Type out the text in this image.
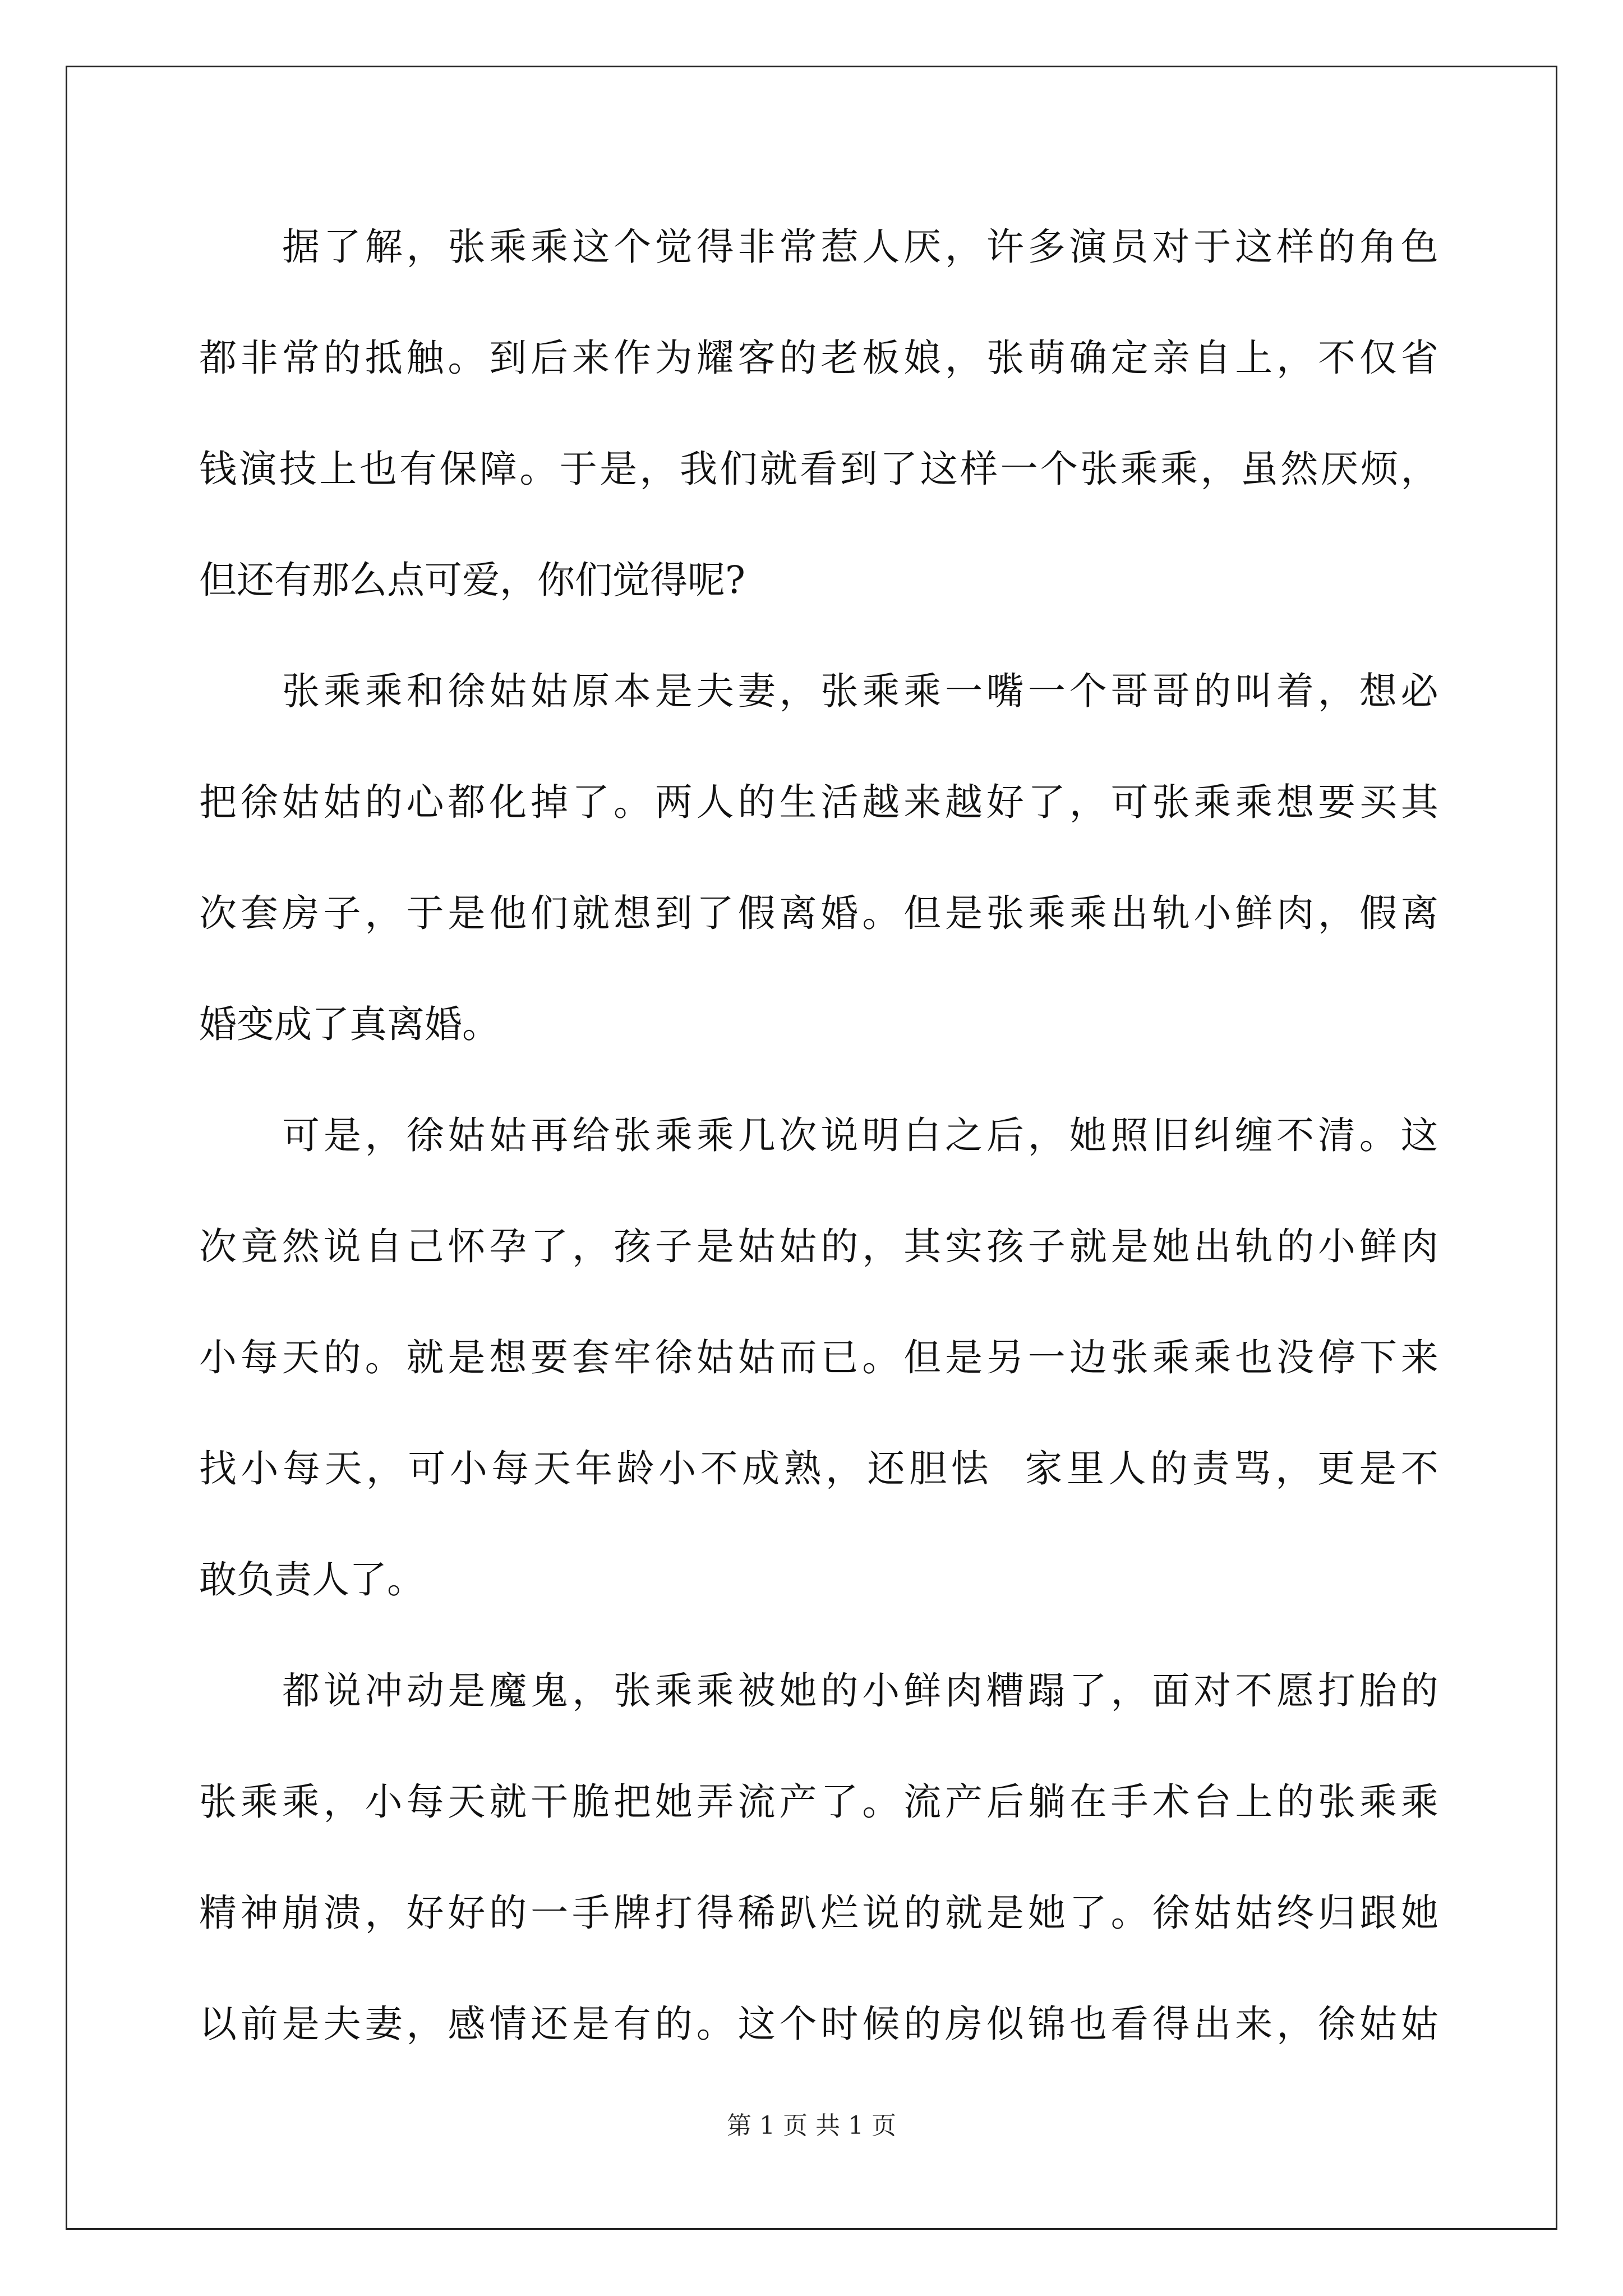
据 了 解 ， 张 乘 乘 这 个 觉 得 非 常 惹 人 厌 ， 许 多 演 员 对 于 这 样 的 角 色
都 非 常 的 抵 触 。 到 后 来 作 为 耀 客 的 老 板 娘 ， 张 萌 确 定 亲 自 上 ， 不 仅 省
钱 演 技 上 也 有 保 障 。 于 是 ， 我 们 就 看 到 了 这 样 一 个 张 乘 乘 ， 虽 然 厌 烦 ，
但还有那么点可爱，你们觉得呢?
张 乘 乘 和 徐 姑 姑 原 本 是 夫 妻 ， 张 乘 乘 一 嘴 一 个 哥 哥 的 叫 着 ， 想 必
把 徐 姑 姑 的 心 都 化 掉 了 。 两 人 的 生 活 越 来 越 好 了 ， 可 张 乘 乘 想 要 买 其
次 套 房 子 ， 于 是 他 们 就 想 到 了 假 离 婚 。 但 是 张 乘 乘 出 轨 小 鲜 肉 ， 假 离
婚变成了真离婚。
可 是 ， 徐 姑 姑 再 给 张 乘 乘 几 次 说 明 白 之 后 ， 她 照 旧 纠 缠 不 清 。 这
次 竟 然 说 自 己 怀 孕 了 ， 孩 子 是 姑 姑 的 ， 其 实 孩 子 就 是 她 出 轨 的 小 鲜 肉
小 每 天 的 。 就 是 想 要 套 牢 徐 姑 姑 而 已 。 但 是 另 一 边 张 乘 乘 也 没 停 下 来
找 小 每 天 ， 可 小 每 天 年 龄 小 不 成 熟 ， 还 胆 怯

家 里 人 的 责 骂 ， 更 是 不
敢负责人了。
都 说 冲 动 是 魔 鬼 ， 张 乘 乘 被 她 的 小 鲜 肉 糟 蹋 了 ， 面 对 不 愿 打 胎 的
张 乘 乘 ， 小 每 天 就 干 脆 把 她 弄 流 产 了 。 流 产 后 躺 在 手 术 台 上 的 张 乘 乘
精 神 崩 溃 ， 好 好 的 一 手 牌 打 得 稀 趴 烂 说 的 就 是 她 了 。 徐 姑 姑 终 归 跟 她
以 前 是 夫 妻 ， 感 情 还 是 有 的 。 这 个 时 候 的 房 似 锦 也 看 得 出 来 ， 徐 姑 姑
第 1 页 共 1 页
